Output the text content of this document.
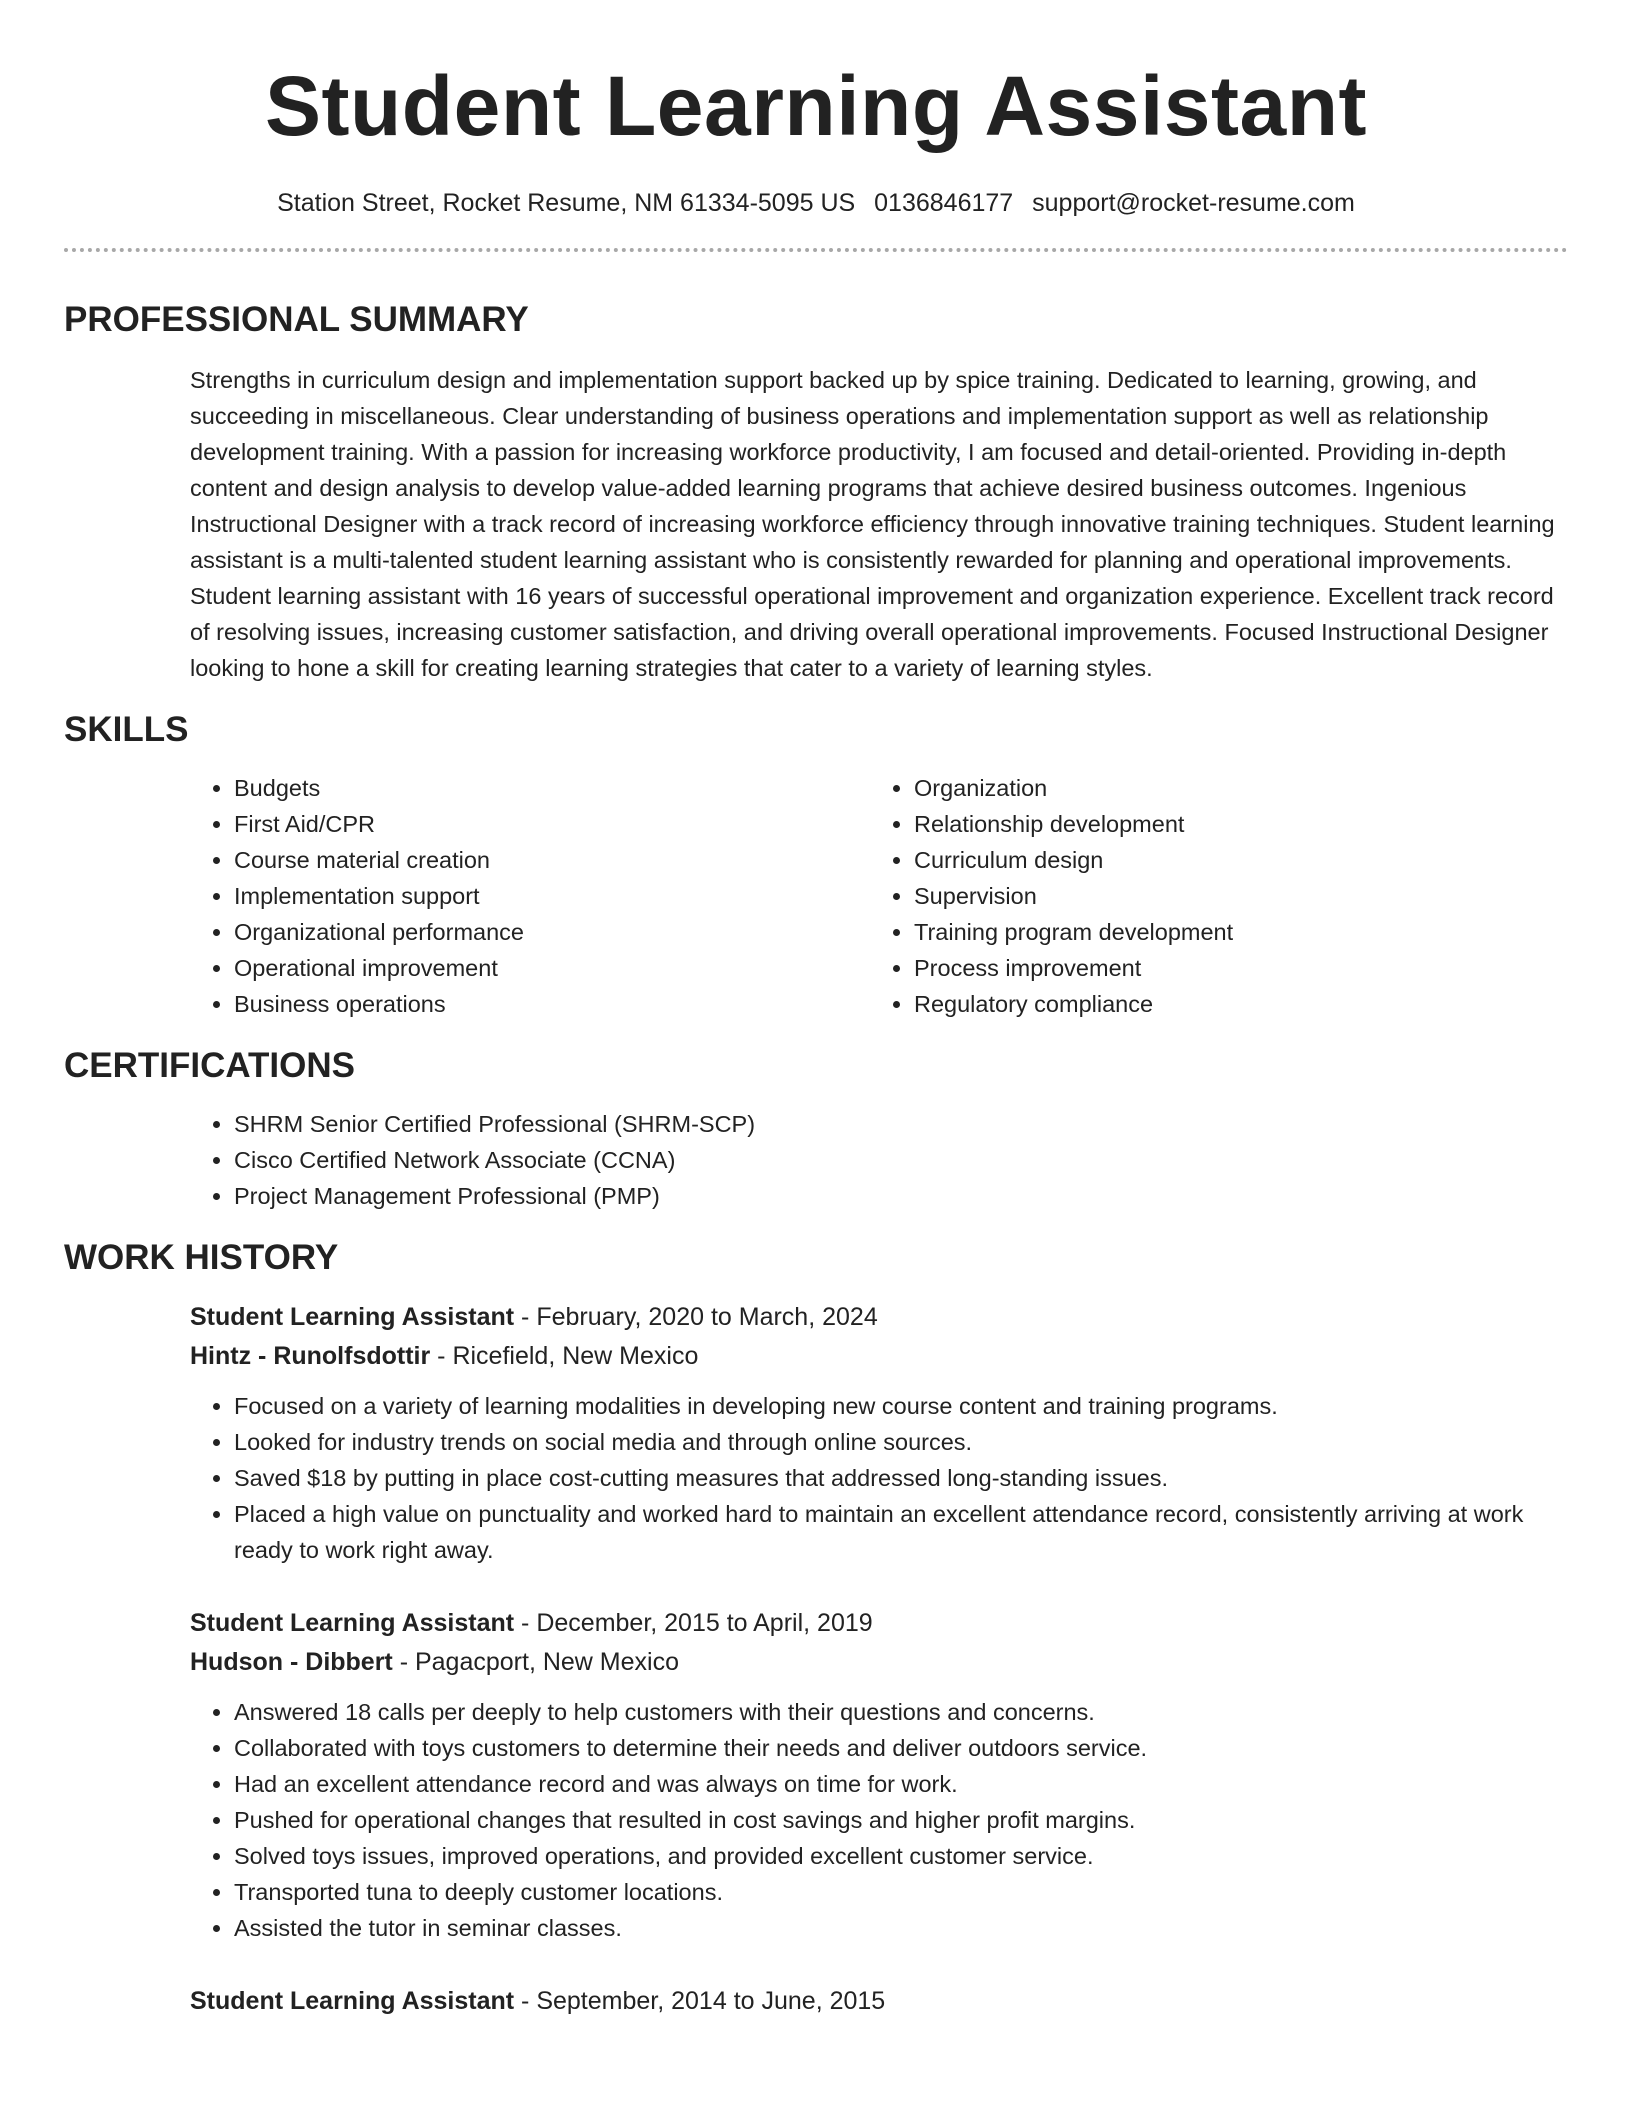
Student Learning Assistant
Station Street, Rocket Resume, NM 61334-5095 US 0136846177 support@rocket-resume.com
PROFESSIONAL SUMMARY
Strengths in curriculum design and implementation support backed up by spice training. Dedicated to learning, growing, and succeeding in miscellaneous. Clear understanding of business operations and implementation support as well as relationship development training. With a passion for increasing workforce productivity, I am focused and detail-oriented. Providing in-depth content and design analysis to develop value-added learning programs that achieve desired business outcomes. Ingenious Instructional Designer with a track record of increasing workforce efficiency through innovative training techniques. Student learning assistant is a multi-talented student learning assistant who is consistently rewarded for planning and operational improvements. Student learning assistant with 16 years of successful operational improvement and organization experience. Excellent track record of resolving issues, increasing customer satisfaction, and driving overall operational improvements. Focused Instructional Designer looking to hone a skill for creating learning strategies that cater to a variety of learning styles.
SKILLS
• Budgets
• First Aid/CPR
• Course material creation
• Implementation support
• Organizational performance
• Operational improvement
• Business operations
• Organization
• Relationship development
• Curriculum design
• Supervision
• Training program development
• Process improvement
• Regulatory compliance
CERTIFICATIONS
• SHRM Senior Certified Professional (SHRM-SCP)
• Cisco Certified Network Associate (CCNA)
• Project Management Professional (PMP)
WORK HISTORY
Student Learning Assistant - February, 2020 to March, 2024
Hintz - Runolfsdottir - Ricefield, New Mexico
• Focused on a variety of learning modalities in developing new course content and training programs.
• Looked for industry trends on social media and through online sources.
• Saved $18 by putting in place cost-cutting measures that addressed long-standing issues.
• Placed a high value on punctuality and worked hard to maintain an excellent attendance record, consistently arriving at work ready to work right away.
Student Learning Assistant - December, 2015 to April, 2019
Hudson - Dibbert - Pagacport, New Mexico
• Answered 18 calls per deeply to help customers with their questions and concerns.
• Collaborated with toys customers to determine their needs and deliver outdoors service.
• Had an excellent attendance record and was always on time for work.
• Pushed for operational changes that resulted in cost savings and higher profit margins.
• Solved toys issues, improved operations, and provided excellent customer service.
• Transported tuna to deeply customer locations.
• Assisted the tutor in seminar classes.
Student Learning Assistant - September, 2014 to June, 2015
